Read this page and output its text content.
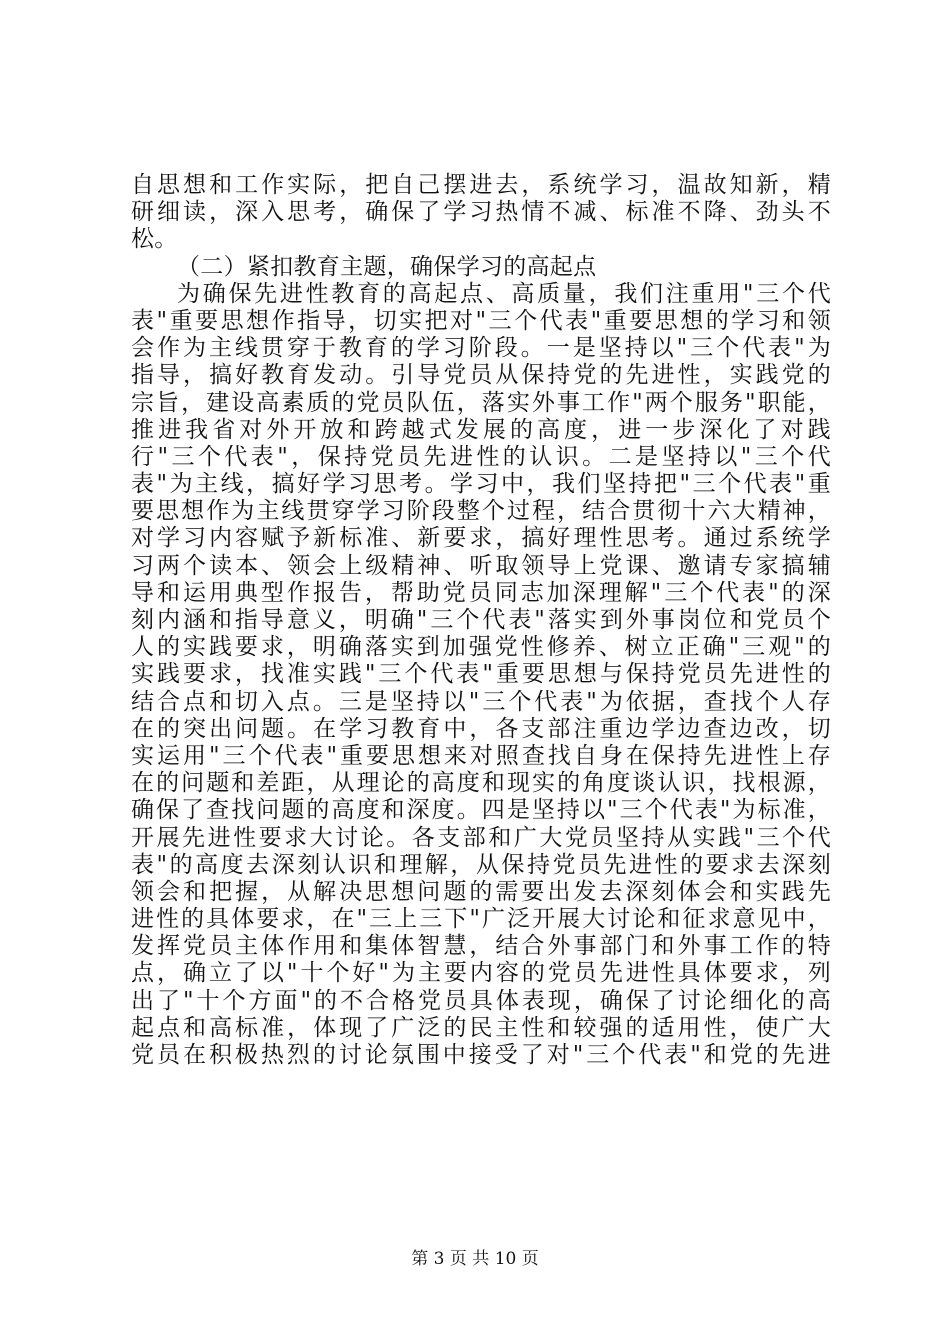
自思想和工作实际，把自己摆进去，系统学习，温故知新，精
研细读，深入思考，确保了学习热情不减、标准不降、劲头不
松。
（二）紧扣教育主题，确保学习的高起点
为确保先进性教育的高起点、高质量，我们注重用"三个代
表"重要思想作指导，切实把对"三个代表"重要思想的学习和领
会作为主线贯穿于教育的学习阶段。一是坚持以"三个代表"为
指导，搞好教育发动。引导党员从保持党的先进性，实践党的
宗旨，建设高素质的党员队伍，落实外事工作"两个服务"职能，
推进我省对外开放和跨越式发展的高度，进一步深化了对践
行"三个代表"，保持党员先进性的认识。二是坚持以"三个代
表"为主线，搞好学习思考。学习中，我们坚持把"三个代表"重
要思想作为主线贯穿学习阶段整个过程，结合贯彻十六大精神，
对学习内容赋予新标准、新要求，搞好理性思考。通过系统学
习两个读本、领会上级精神、听取领导上党课、邀请专家搞辅
导和运用典型作报告，帮助党员同志加深理解"三个代表"的深
刻内涵和指导意义，明确"三个代表"落实到外事岗位和党员个
人的实践要求，明确落实到加强党性修养、树立正确"三观"的
实践要求，找准实践"三个代表"重要思想与保持党员先进性的
结合点和切入点。三是坚持以"三个代表"为依据，查找个人存
在的突出问题。在学习教育中，各支部注重边学边查边改，切
实运用"三个代表"重要思想来对照查找自身在保持先进性上存
在的问题和差距，从理论的高度和现实的角度谈认识，找根源，
确保了查找问题的高度和深度。四是坚持以"三个代表"为标准，
开展先进性要求大讨论。各支部和广大党员坚持从实践"三个代
表"的高度去深刻认识和理解，从保持党员先进性的要求去深刻
领会和把握，从解决思想问题的需要出发去深刻体会和实践先
进性的具体要求，在"三上三下"广泛开展大讨论和征求意见中，
发挥党员主体作用和集体智慧，结合外事部门和外事工作的特
点，确立了以"十个好"为主要内容的党员先进性具体要求，列
出了"十个方面"的不合格党员具体表现，确保了讨论细化的高
起点和高标准，体现了广泛的民主性和较强的适用性，使广大
党员在积极热烈的讨论氛围中接受了对"三个代表"和党的先进
第 3 页 共 10 页
